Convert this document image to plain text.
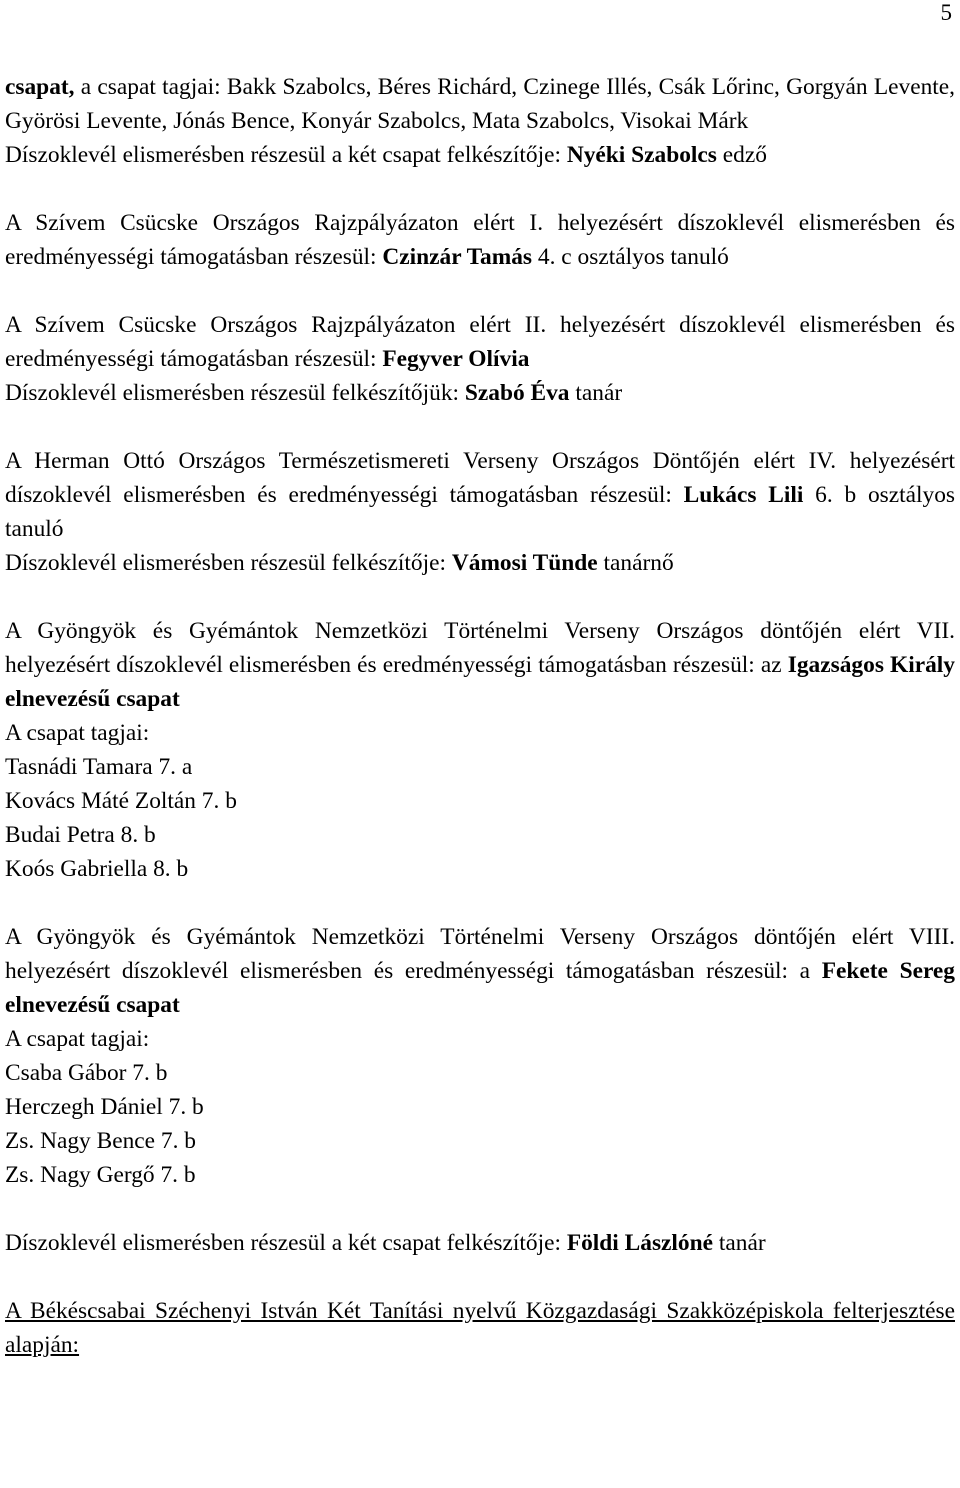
5

csapat, a csapat tagjai: Bakk Szabolcs, Béres Richárd, Czinege Illés, Csák Lőrinc, Gorgyán Levente, Györösi Levente, Jónás Bence, Konyár Szabolcs, Mata Szabolcs, Visokai Márk

Díszoklevél elismerésben részesül a két csapat felkészítője: Nyéki Szabolcs edző

A Szívem Csücske Országos Rajzpályázaton elért I. helyezésért díszoklevél elismerésben és eredményességi támogatásban részesül: Czinzár Tamás 4. c osztályos tanuló

A Szívem Csücske Országos Rajzpályázaton elért II. helyezésért díszoklevél elismerésben és eredményességi támogatásban részesül: Fegyver Olívia

Díszoklevél elismerésben részesül felkészítőjük: Szabó Éva tanár

A Herman Ottó Országos Természetismereti Verseny Országos Döntőjén elért IV. helyezésért díszoklevél elismerésben és eredményességi támogatásban részesül: Lukács Lili 6. b osztályos tanuló

Díszoklevél elismerésben részesül felkészítője: Vámosi Tünde tanárnő

A Gyöngyök és Gyémántok Nemzetközi Történelmi Verseny Országos döntőjén elért VII. helyezésért díszoklevél elismerésben és eredményességi támogatásban részesül: az Igazságos Király elnevezésű csapat

A csapat tagjai:
Tasnádi Tamara 7. a
Kovács Máté Zoltán 7. b
Budai Petra 8. b
Koós Gabriella 8. b

A Gyöngyök és Gyémántok Nemzetközi Történelmi Verseny Országos döntőjén elért VIII. helyezésért díszoklevél elismerésben és eredményességi támogatásban részesül: a Fekete Sereg elnevezésű csapat

A csapat tagjai:
Csaba Gábor 7. b
Herczegh Dániel 7. b
Zs. Nagy Bence 7. b
Zs. Nagy Gergő 7. b

Díszoklevél elismerésben részesül a két csapat felkészítője: Földi Lászlóné tanár

A Békéscsabai Széchenyi István Két Tanítási nyelvű Közgazdasági Szakközépiskola felterjesztése alapján:
